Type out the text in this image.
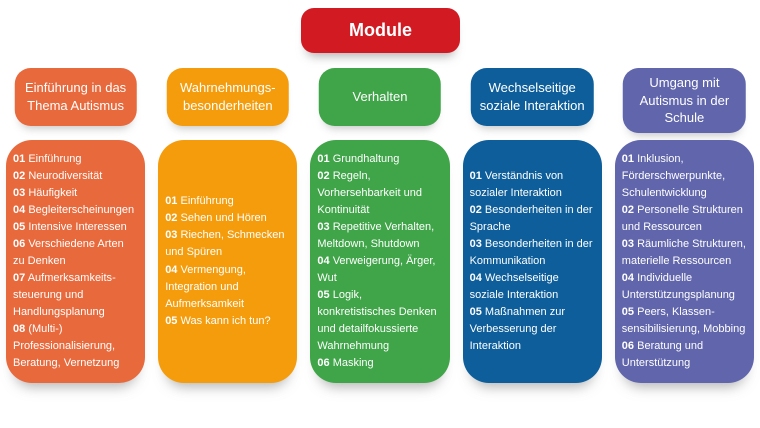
Module
Einführung in das Thema Autismus
01 Einführung
02 Neurodiversität
03 Häufigkeit
04 Begleiterscheinungen
05 Intensive Interessen
06 Verschiedene Arten zu Denken
07 Aufmerksamkeitssteuerung und Handlungsplanung
08 (Multi-) Professionalisierung, Beratung, Vernetzung
Wahrnehmungsbesonderheiten
01 Einführung
02 Sehen und Hören
03 Riechen, Schmecken und Spüren
04 Vermengung, Integration und Aufmerksamkeit
05 Was kann ich tun?
Verhalten
01 Grundhaltung
02 Regeln, Vorhersehbarkeit und Kontinuität
03 Repetitive Verhalten, Meltdown, Shutdown
04 Verweigerung, Ärger, Wut
05 Logik, konkretistisches Denken und detailfokussierte Wahrnehmung
06 Masking
Wechselseitige soziale Interaktion
01 Verständnis von sozialer Interaktion
02 Besonderheiten in der Sprache
03 Besonderheiten in der Kommunikation
04 Wechselseitige soziale Interaktion
05 Maßnahmen zur Verbesserung der Interaktion
Umgang mit Autismus in der Schule
01 Inklusion, Förderschwerpunkte, Schulentwicklung
02 Personelle Strukturen und Ressourcen
03 Räumliche Strukturen, materielle Ressourcen
04 Individuelle Unterstützungsplanung
05 Peers, Klassensensibilisierung, Mobbing
06 Beratung und Unterstützung
